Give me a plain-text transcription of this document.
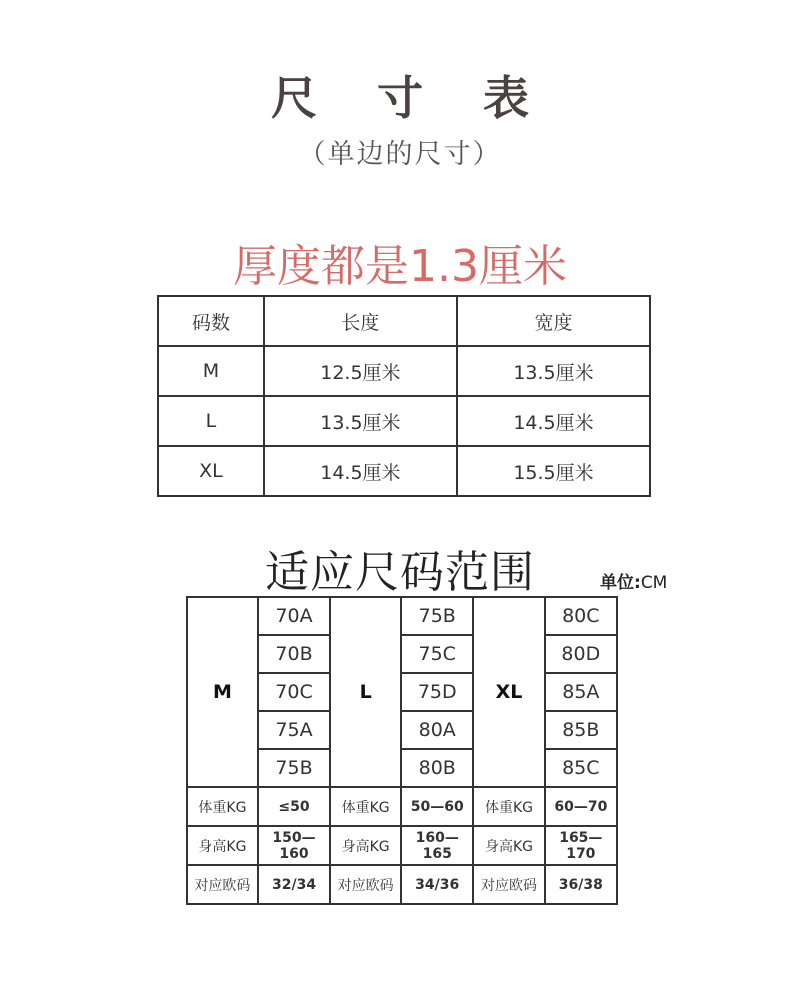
尺 寸 表
（单边的尺寸）
厚度都是1.3厘米
码数	长度	宽度
M	12.5厘米	13.5厘米
L	13.5厘米	14.5厘米
XL	14.5厘米	15.5厘米
适应尺码范围	单位:CM
M	70A	L	75B	XL	80C
	70B		75C		80D
	70C		75D		85A
	75A		80A		85B
	75B		80B		85C
体重KG	≤50	体重KG	50—60	体重KG	60—70
身高KG	150—160	身高KG	160—165	身高KG	165—170
对应欧码	32/34	对应欧码	34/36	对应欧码	36/38
